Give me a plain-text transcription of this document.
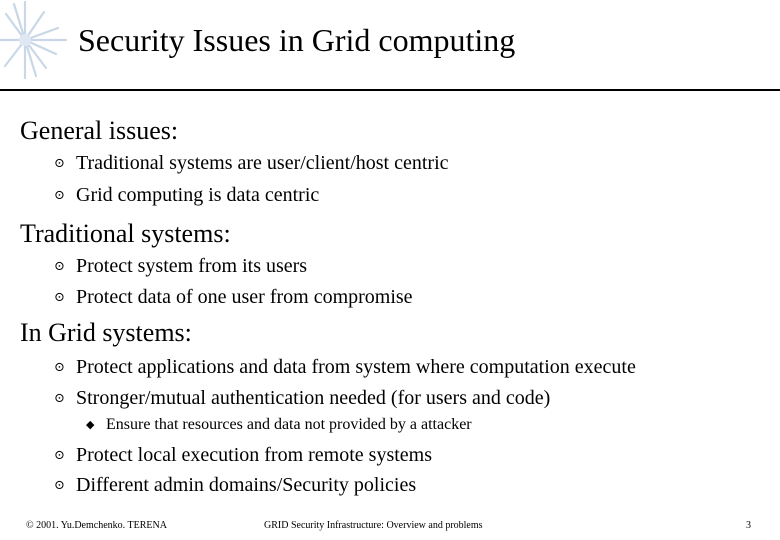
Security Issues in Grid computing
General issues:
⊙ Traditional systems are user/client/host centric
⊙ Grid computing is data centric
Traditional systems:
⊙ Protect system from its users
⊙ Protect data of one user from compromise
In Grid systems:
⊙ Protect applications and data from system where computation execute
⊙ Stronger/mutual authentication needed (for users and code)
◆ Ensure that resources and data not provided by a attacker
⊙ Protect local execution from remote systems
⊙ Different admin domains/Security policies
© 2001. Yu.Demchenko. TERENA	GRID Security Infrastructure: Overview and problems	3
